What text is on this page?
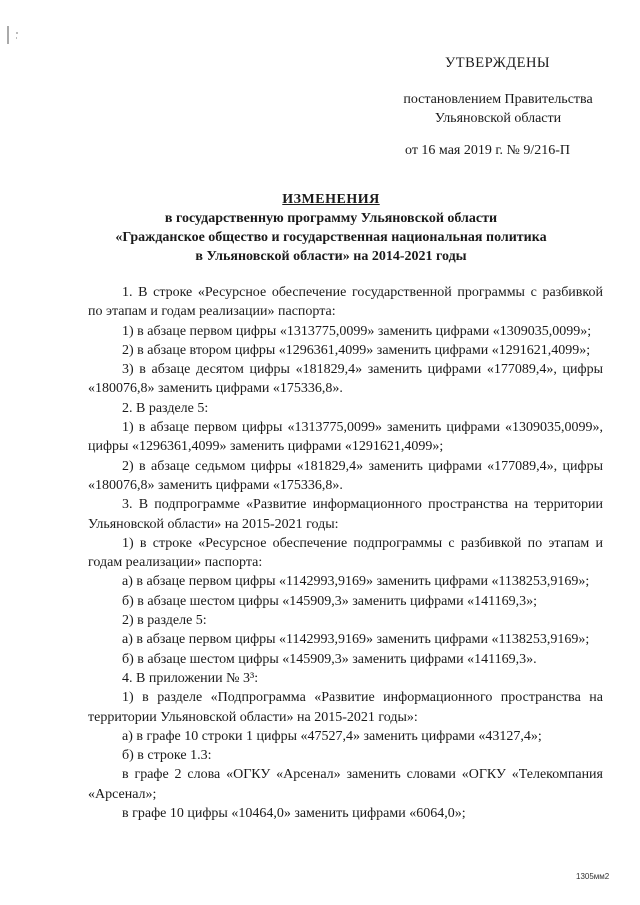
УТВЕРЖДЕНЫ
постановлением Правительства
Ульяновской области
от 16 мая 2019 г. № 9/216-П
ИЗМЕНЕНИЯ
в государственную программу Ульяновской области
«Гражданское общество и государственная национальная политика
в Ульяновской области» на 2014-2021 годы

1. В строке «Ресурсное обеспечение государственной программы с разбивкой по этапам и годам реализации» паспорта:

1) в абзаце первом цифры «1313775,0099» заменить цифрами «1309035,0099»;

2) в абзаце втором цифры «1296361,4099» заменить цифрами «1291621,4099»;

3) в абзаце десятом цифры «181829,4» заменить цифрами «177089,4», цифры «180076,8» заменить цифрами «175336,8».

2. В разделе 5:

1) в абзаце первом цифры «1313775,0099» заменить цифрами «1309035,0099», цифры «1296361,4099» заменить цифрами «1291621,4099»;

2) в абзаце седьмом цифры «181829,4» заменить цифрами «177089,4», цифры «180076,8» заменить цифрами «175336,8».

3. В подпрограмме «Развитие информационного пространства на территории Ульяновской области» на 2015-2021 годы:

1) в строке «Ресурсное обеспечение подпрограммы с разбивкой по этапам и годам реализации» паспорта:

а) в абзаце первом цифры «1142993,9169» заменить цифрами «1138253,9169»;

б) в абзаце шестом цифры «145909,3» заменить цифрами «141169,3»;

2) в разделе 5:

а) в абзаце первом цифры «1142993,9169» заменить цифрами «1138253,9169»;

б) в абзаце шестом цифры «145909,3» заменить цифрами «141169,3».

4. В приложении № 3³:

1) в разделе «Подпрограмма «Развитие информационного пространства на территории Ульяновской области» на 2015-2021 годы»:

а) в графе 10 строки 1 цифры «47527,4» заменить цифрами «43127,4»;

б) в строке 1.3:

в графе 2 слова «ОГКУ «Арсенал» заменить словами «ОГКУ «Телекомпания «Арсенал»;

в графе 10 цифры «10464,0» заменить цифрами «6064,0»;

1305мм2
